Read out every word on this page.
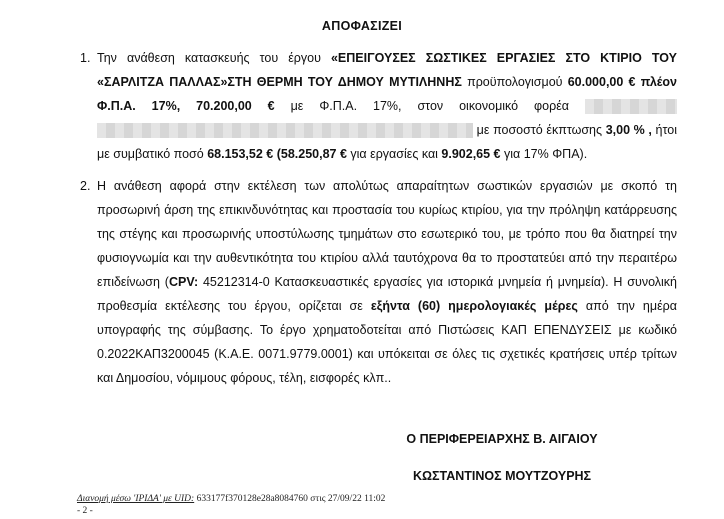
ΑΠΟΦΑΣΙΖΕΙ
1. Την ανάθεση κατασκευής του έργου «ΕΠΕΙΓΟΥΣΕΣ ΣΩΣΤΙΚΕΣ ΕΡΓΑΣΙΕΣ ΣΤΟ ΚΤΙΡΙΟ ΤΟΥ «ΣΑΡΛΙΤΖΑ ΠΑΛΛΑΣ»ΣΤΗ ΘΕΡΜΗ ΤΟΥ ΔΗΜΟΥ ΜΥΤΙΛΗΝΗΣ προϋπολογισμού 60.000,00 € πλέον Φ.Π.Α. 17%, 70.200,00 € με Φ.Π.Α. 17%, στον οικονομικό φορέα   με ποσοστό έκπτωσης 3,00 % , ήτοι με συμβατικό ποσό 68.153,52 € (58.250,87 € για εργασίες και 9.902,65 € για 17% ΦΠΑ).

2. Η ανάθεση αφορά στην εκτέλεση των απολύτως απαραίτητων σωστικών εργασιών με σκοπό τη προσωρινή άρση της επικινδυνότητας και προστασία του κυρίως κτιρίου, για την πρόληψη κατάρρευσης της στέγης και προσωρινής υποστύλωσης τμημάτων στο εσωτερικό του, με τρόπο που θα διατηρεί την φυσιογνωμία και την αυθεντικότητα του κτιρίου αλλά ταυτόχρονα θα το προστατεύει από την περαιτέρω επιδείνωση (CPV: 45212314-0 Κατασκευαστικές εργασίες για ιστορικά μνημεία ή μνημεία). Η συνολική προθεσμία εκτέλεσης του έργου, ορίζεται σε εξήντα (60) ημερολογιακές μέρες από την ημέρα υπογραφής της σύμβασης. Το έργο χρηματοδοτείται από Πιστώσεις ΚΑΠ ΕΠΕΝΔΥΣΕΙΣ με κωδικό 0.2022ΚΑΠ3200045 (Κ.Α.Ε. 0071.9779.0001) και υπόκειται σε όλες τις σχετικές κρατήσεις υπέρ τρίτων και Δημοσίου, νόμιμους φόρους, τέλη, εισφορές κλπ..

Ο ΠΕΡΙΦΕΡΕΙΑΡΧΗΣ Β. ΑΙΓΑΙΟΥ
ΚΩΣΤΑΝΤΙΝΟΣ ΜΟΥΤΖΟΥΡΗΣ
Διανομή μέσω 'ΙΡΙΔΑ' με UID: 633177f370128e28a8084760 στις 27/09/22 11:02
- 2 -
